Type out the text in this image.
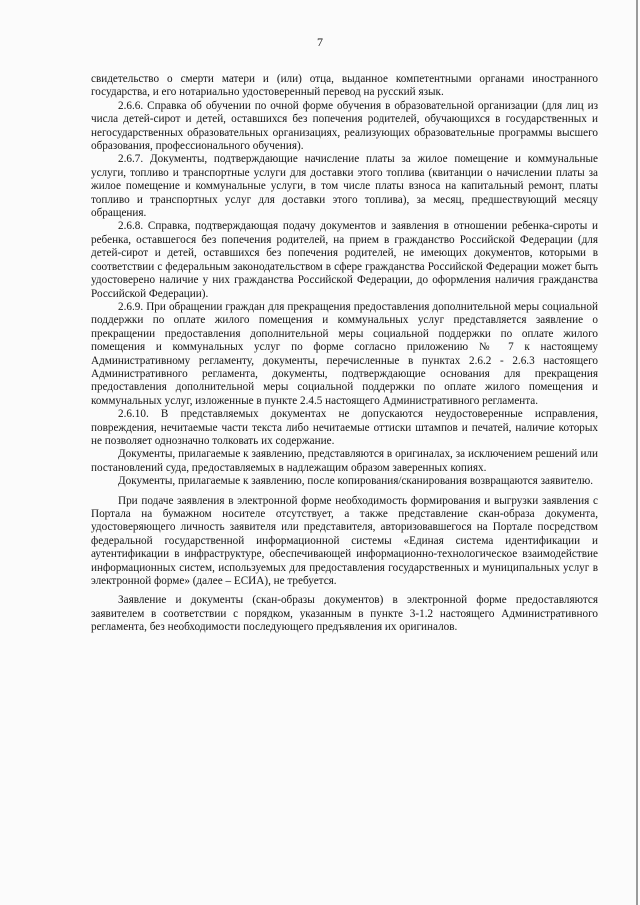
7

свидетельство о смерти матери и (или) отца, выданное компетентными органами иностранного государства, и его нотариально удостоверенный перевод на русский язык.

2.6.6. Справка об обучении по очной форме обучения в образовательной организации (для лиц из числа детей-сирот и детей, оставшихся без попечения родителей, обучающихся в государственных и негосударственных образовательных организациях, реализующих образовательные программы высшего образования, профессионального обучения).

2.6.7. Документы, подтверждающие начисление платы за жилое помещение и коммунальные услуги, топливо и транспортные услуги для доставки этого топлива (квитанции о начислении платы за жилое помещение и коммунальные услуги, в том числе платы взноса на капитальный ремонт, платы топливо и транспортных услуг для доставки этого топлива), за месяц, предшествующий месяцу обращения.

2.6.8. Справка, подтверждающая подачу документов и заявления в отношении ребенка-сироты и ребенка, оставшегося без попечения родителей, на прием в гражданство Российской Федерации (для детей-сирот и детей, оставшихся без попечения родителей, не имеющих документов, которыми в соответствии с федеральным законодательством в сфере гражданства Российской Федерации может быть удостоверено наличие у них гражданства Российской Федерации, до оформления наличия гражданства Российской Федерации).

2.6.9. При обращении граждан для прекращения предоставления дополнительной меры социальной поддержки по оплате жилого помещения и коммунальных услуг представляется заявление о прекращении предоставления дополнительной меры социальной поддержки по оплате жилого помещения и коммунальных услуг по форме согласно приложению № 7 к настоящему Административному регламенту, документы, перечисленные в пунктах 2.6.2 - 2.6.3 настоящего Административного регламента, документы, подтверждающие основания для прекращения предоставления дополнительной меры социальной поддержки по оплате жилого помещения и коммунальных услуг, изложенные в пункте 2.4.5 настоящего Административного регламента.

2.6.10. В представляемых документах не допускаются неудостоверенные исправления, повреждения, нечитаемые части текста либо нечитаемые оттиски штампов и печатей, наличие которых не позволяет однозначно толковать их содержание.

Документы, прилагаемые к заявлению, представляются в оригиналах, за исключением решений или постановлений суда, предоставляемых в надлежащим образом заверенных копиях.

Документы, прилагаемые к заявлению, после копирования/сканирования возвращаются заявителю.

При подаче заявления в электронной форме необходимость формирования и выгрузки заявления с Портала на бумажном носителе отсутствует, а также представление скан-образа документа, удостоверяющего личность заявителя или представителя, авторизовавшегося на Портале посредством федеральной государственной информационной системы «Единая система идентификации и аутентификации в инфраструктуре, обеспечивающей информационно-технологическое взаимодействие информационных систем, используемых для предоставления государственных и муниципальных услуг в электронной форме» (далее – ЕСИА), не требуется.

Заявление и документы (скан-образы документов) в электронной форме предоставляются заявителем в соответствии с порядком, указанным в пункте 3-1.2 настоящего Административного регламента, без необходимости последующего предъявления их оригиналов.
